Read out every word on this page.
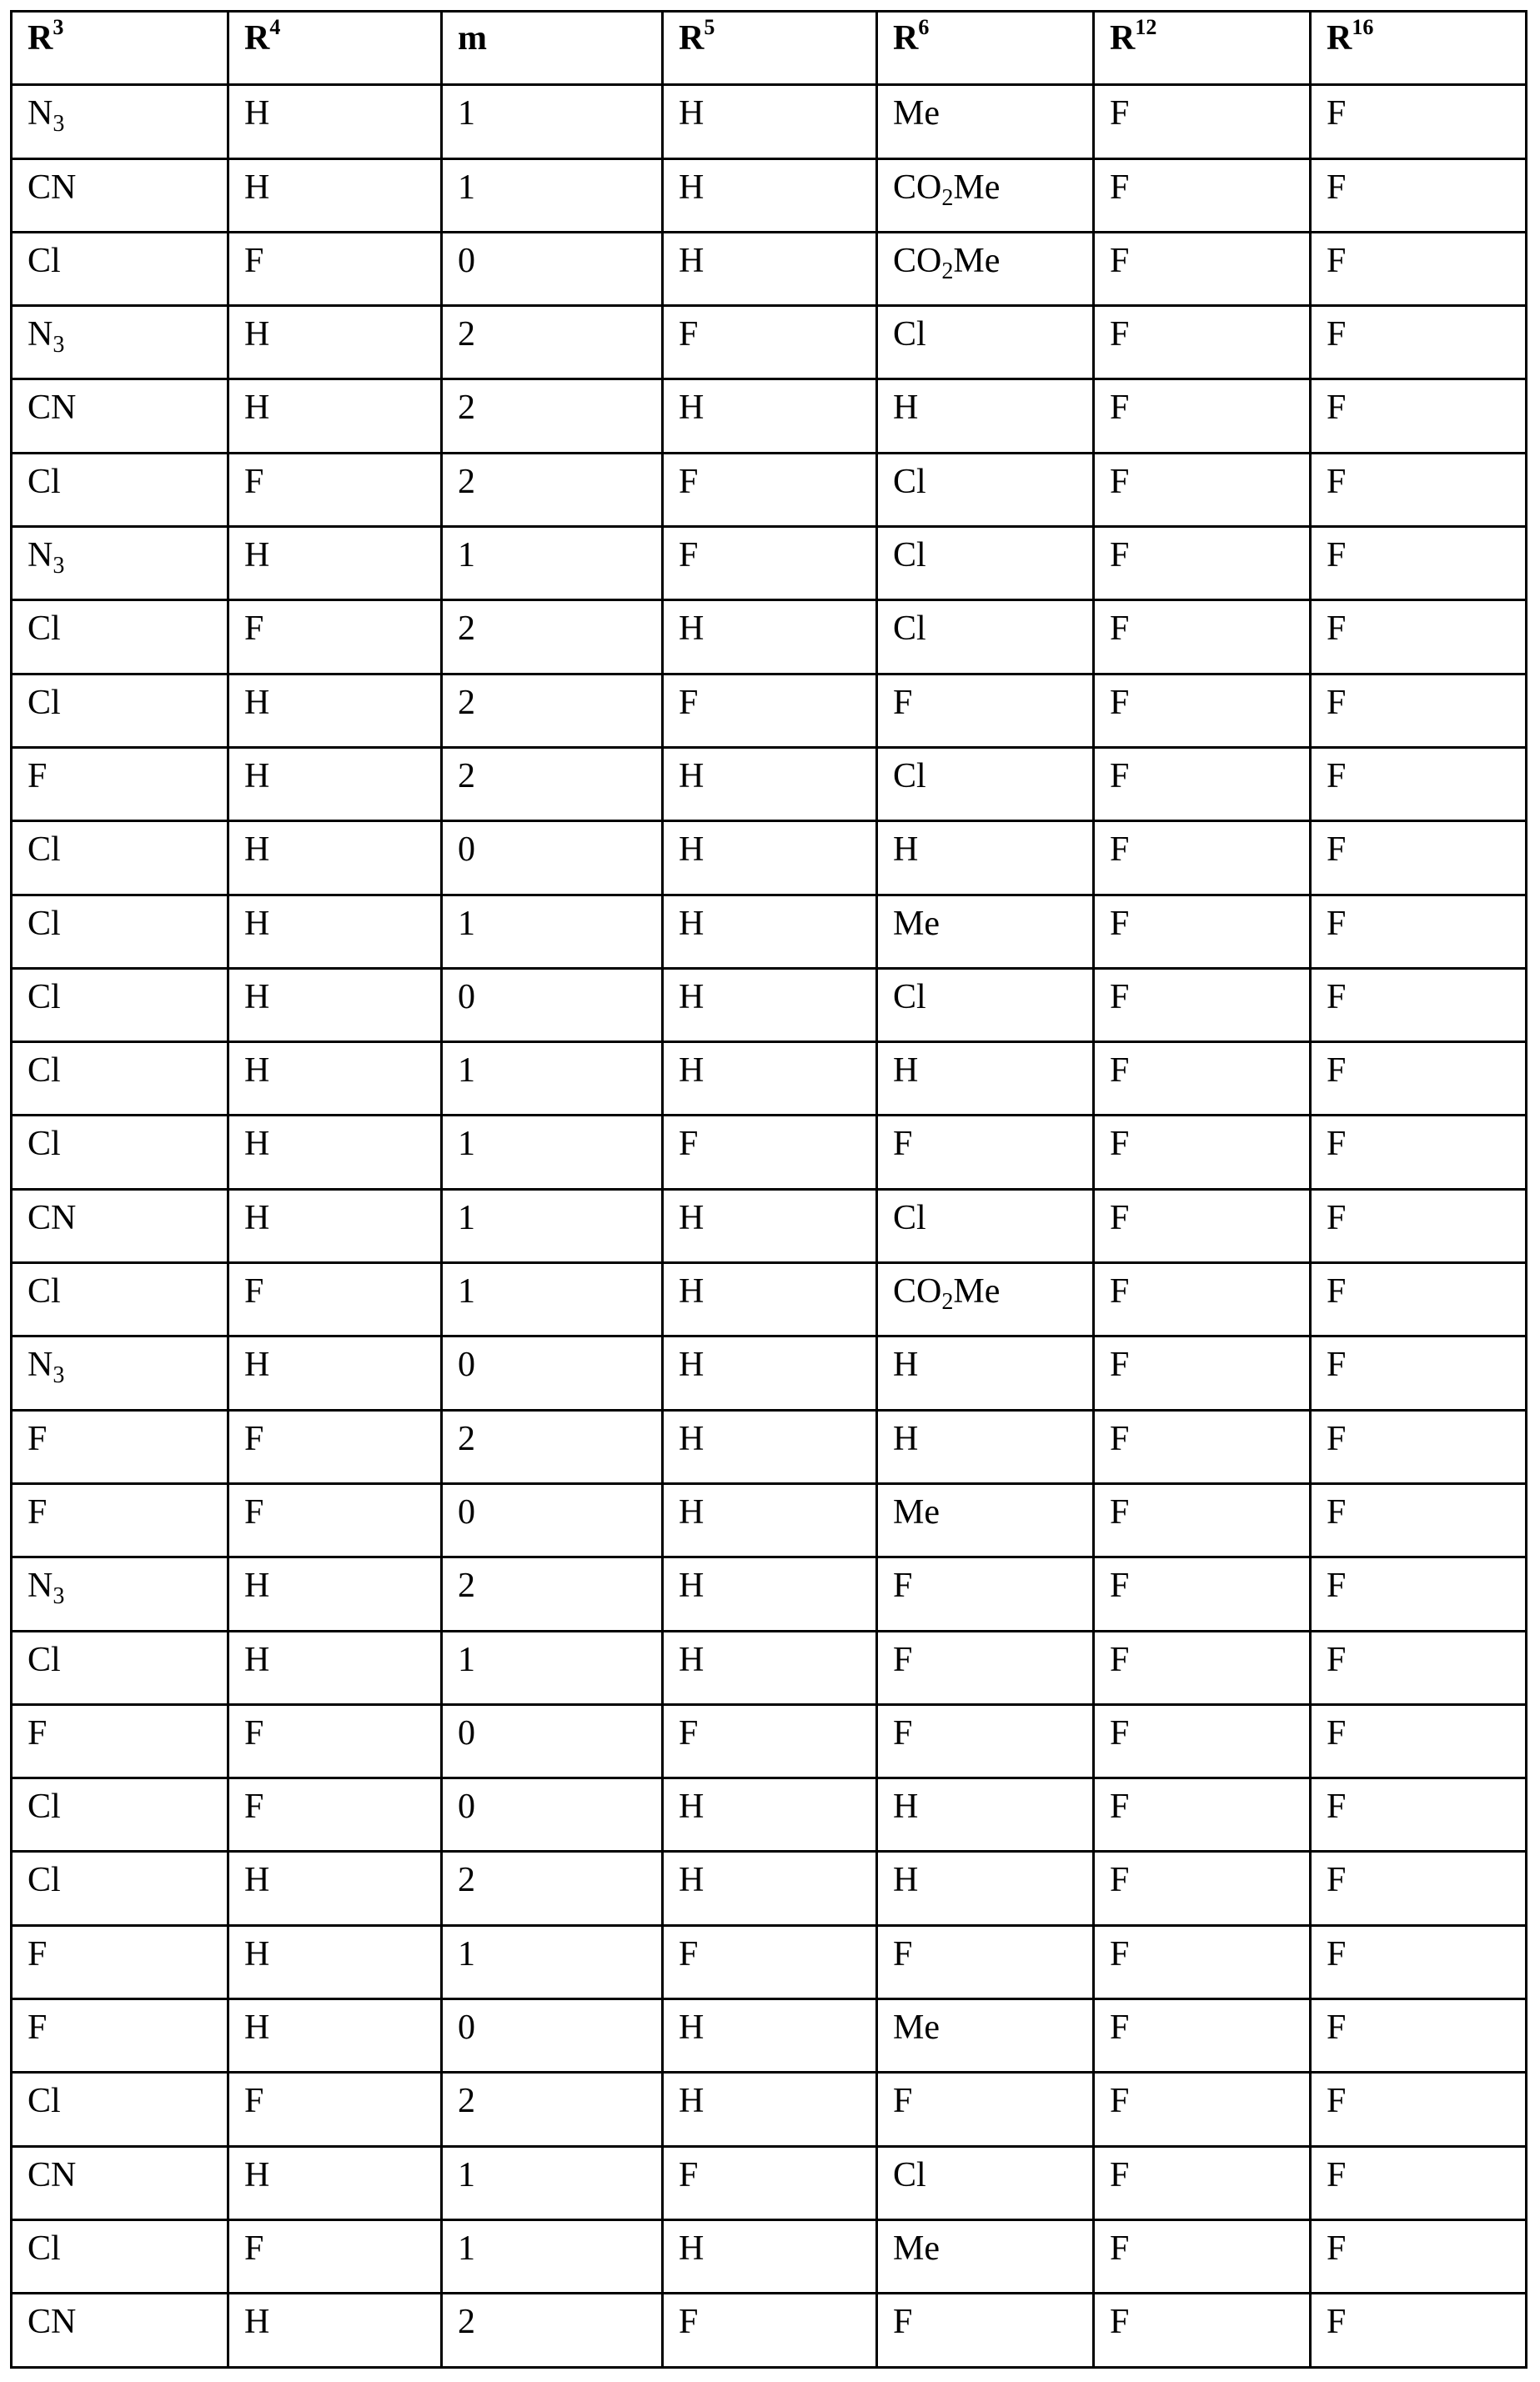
$R^3$	$R^4$	m	$R^5$	$R^6$	$R^{12}$	$R^{16}$
$N_3$	H	1	H	Me	F	F
CN	H	1	H	$CO_2Me$	F	F
Cl	F	0	H	$CO_2Me$	F	F
$N_3$	H	2	F	Cl	F	F
CN	H	2	H	H	F	F
Cl	F	2	F	Cl	F	F
$N_3$	H	1	F	Cl	F	F
Cl	F	2	H	Cl	F	F
Cl	H	2	F	F	F	F
F	H	2	H	Cl	F	F
Cl	H	0	H	H	F	F
Cl	H	1	H	Me	F	F
Cl	H	0	H	Cl	F	F
Cl	H	1	H	H	F	F
Cl	H	1	F	F	F	F
CN	H	1	H	Cl	F	F
Cl	F	1	H	$CO_2Me$	F	F
$N_3$	H	0	H	H	F	F
F	F	2	H	H	F	F
F	F	0	H	Me	F	F
$N_3$	H	2	H	F	F	F
Cl	H	1	H	F	F	F
F	F	0	F	F	F	F
Cl	F	0	H	H	F	F
Cl	H	2	H	H	F	F
F	H	1	F	F	F	F
F	H	0	H	Me	F	F
Cl	F	2	H	F	F	F
CN	H	1	F	Cl	F	F
Cl	F	1	H	Me	F	F
CN	H	2	F	F	F	F
